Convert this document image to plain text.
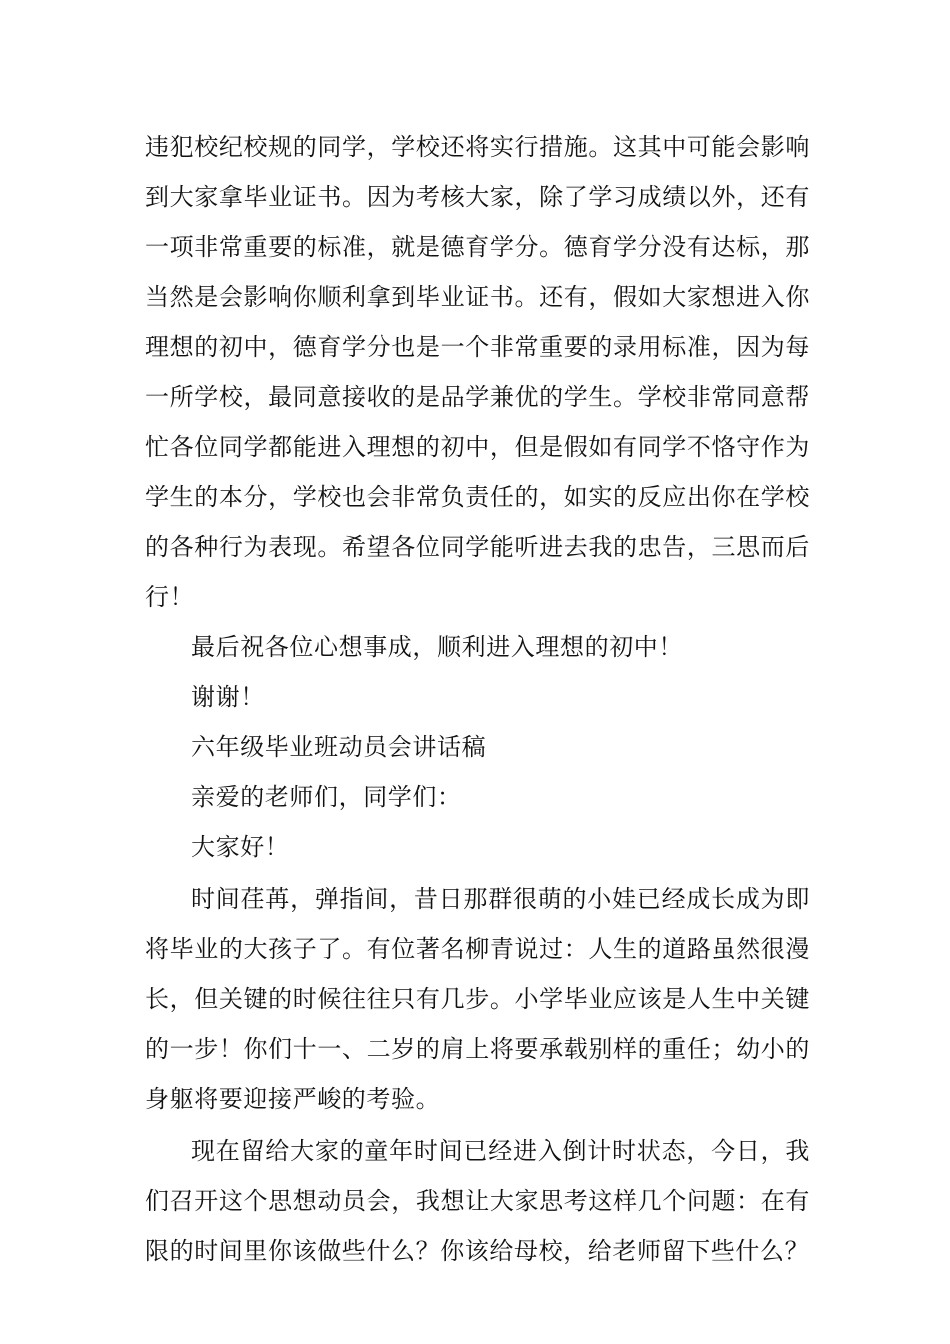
违犯校纪校规的同学，学校还将实行措施。这其中可能会影响到大家拿毕业证书。因为考核大家，除了学习成绩以外，还有一项非常重要的标准，就是德育学分。德育学分没有达标，那当然是会影响你顺利拿到毕业证书。还有，假如大家想进入你理想的初中，德育学分也是一个非常重要的录用标准，因为每一所学校，最同意接收的是品学兼优的学生。学校非常同意帮忙各位同学都能进入理想的初中，但是假如有同学不恪守作为学生的本分，学校也会非常负责任的，如实的反应出你在学校的各种行为表现。希望各位同学能听进去我的忠告，三思而后行！

最后祝各位心想事成，顺利进入理想的初中！

谢谢！

六年级毕业班动员会讲话稿

亲爱的老师们，同学们：

大家好！

时间荏苒，弹指间，昔日那群很萌的小娃已经成长成为即将毕业的大孩子了。有位著名柳青说过：人生的道路虽然很漫长，但关键的时候往往只有几步。小学毕业应该是人生中关键的一步！你们十一、二岁的肩上将要承载别样的重任；幼小的身躯将要迎接严峻的考验。

现在留给大家的童年时间已经进入倒计时状态，今日，我们召开这个思想动员会，我想让大家思考这样几个问题：在有限的时间里你该做些什么？你该给母校，给老师留下些什么？
